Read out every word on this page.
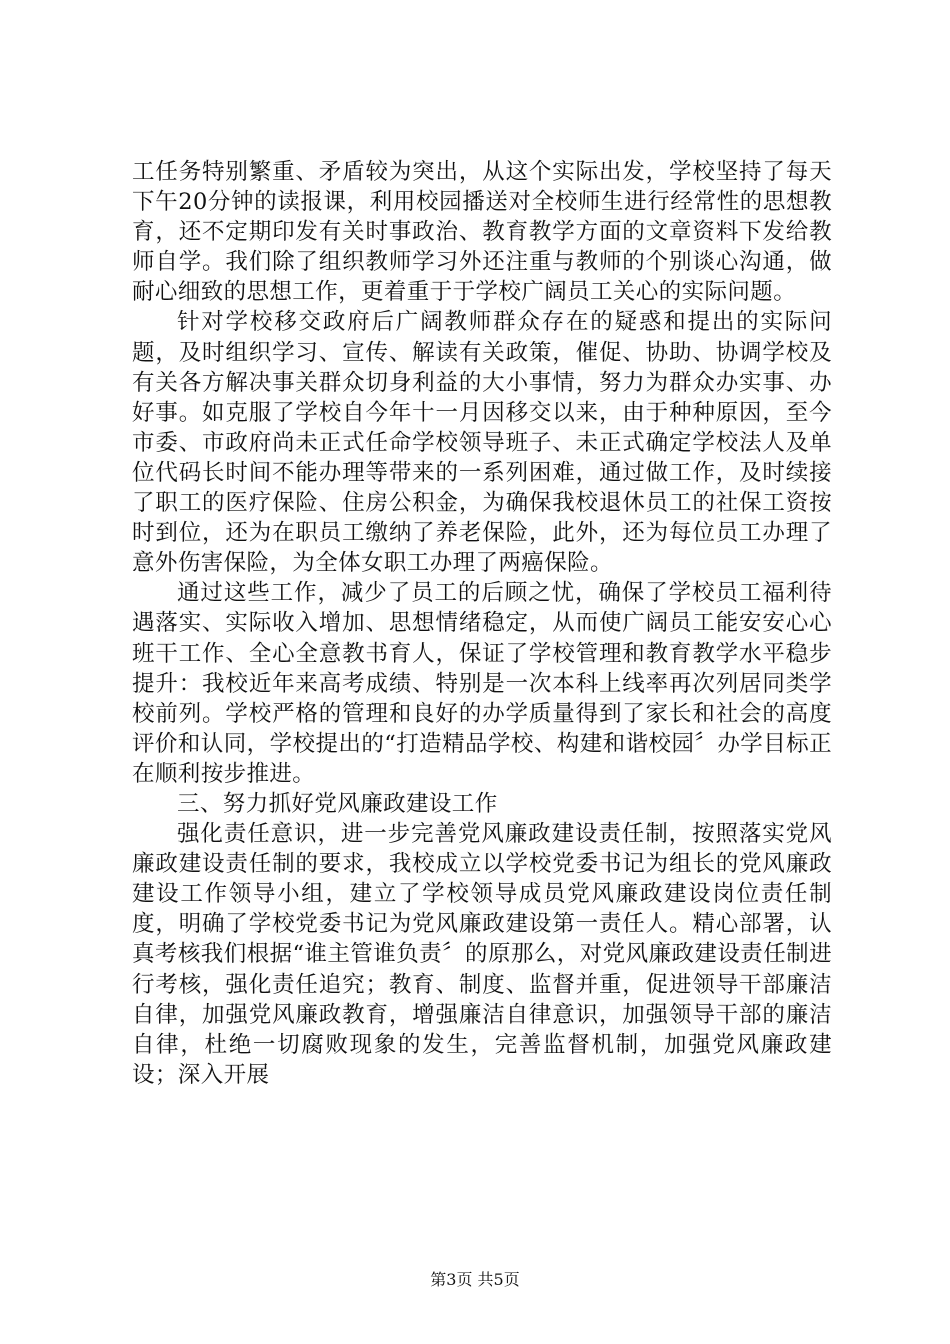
工任务特别繁重、矛盾较为突出，从这个实际出发，学校坚持了每天下午20分钟的读报课，利用校园播送对全校师生进行经常性的思想教育，还不定期印发有关时事政治、教育教学方面的文章资料下发给教师自学。我们除了组织教师学习外还注重与教师的个别谈心沟通，做耐心细致的思想工作，更着重于于学校广阔员工关心的实际问题。

针对学校移交政府后广阔教师群众存在的疑惑和提出的实际问题，及时组织学习、宣传、解读有关政策，催促、协助、协调学校及有关各方解决事关群众切身利益的大小事情，努力为群众办实事、办好事。如克服了学校自今年十一月因移交以来，由于种种原因，至今市委、市政府尚未正式任命学校领导班子、未正式确定学校法人及单位代码长时间不能办理等带来的一系列困难，通过做工作，及时续接了职工的医疗保险、住房公积金，为确保我校退休员工的社保工资按时到位，还为在职员工缴纳了养老保险，此外，还为每位员工办理了意外伤害保险，为全体女职工办理了两癌保险。

通过这些工作，减少了员工的后顾之忧，确保了学校员工福利待遇落实、实际收入增加、思想情绪稳定，从而使广阔员工能安安心心班干工作、全心全意教书育人，保证了学校管理和教育教学水平稳步提升：我校近年来高考成绩、特别是一次本科上线率再次列居同类学校前列。学校严格的管理和良好的办学质量得到了家长和社会的高度评价和认同，学校提出的“打造精品学校、构建和谐校园〞办学目标正在顺利按步推进。

三、努力抓好党风廉政建设工作

强化责任意识，进一步完善党风廉政建设责任制，按照落实党风廉政建设责任制的要求，我校成立以学校党委书记为组长的党风廉政建设工作领导小组，建立了学校领导成员党风廉政建设岗位责任制度，明确了学校党委书记为党风廉政建设第一责任人。精心部署，认真考核我们根据“谁主管谁负责〞的原那么，对党风廉政建设责任制进行考核，强化责任追究；教育、制度、监督并重，促进领导干部廉洁自律，加强党风廉政教育，增强廉洁自律意识，加强领导干部的廉洁自律，杜绝一切腐败现象的发生，完善监督机制，加强党风廉政建设；深入开展

第3页 共5页
